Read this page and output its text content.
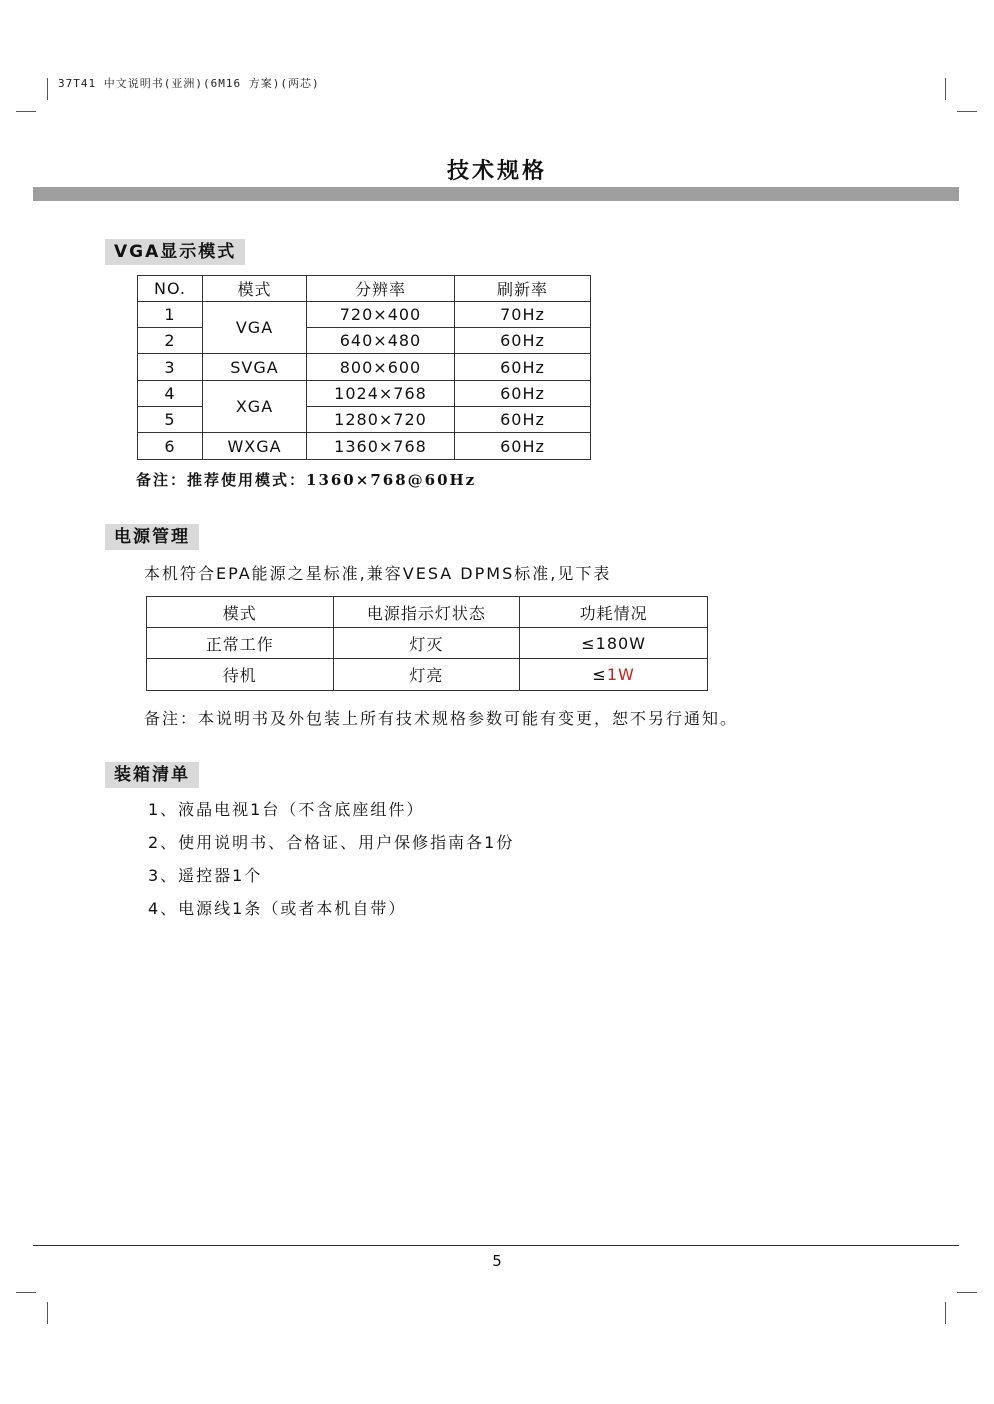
37T41 中文说明书(亚洲)(6M16 方案)(两芯)
技术规格
VGA显示模式
NO.	模式	分辨率	刷新率
1	VGA	720×400	70Hz
2		640×480	60Hz
3	SVGA	800×600	60Hz
4	XGA	1024×768	60Hz
5		1280×720	60Hz
6	WXGA	1360×768	60Hz
备注：推荐使用模式：1360×768@60Hz
电源管理
本机符合EPA能源之星标准,兼容VESA DPMS标准,见下表
模式	电源指示灯状态	功耗情况
正常工作	灯灭	≤180W
待机	灯亮	≤1W
备注：本说明书及外包装上所有技术规格参数可能有变更，恕不另行通知。
装箱清单
1、液晶电视1台（不含底座组件）
2、使用说明书、合格证、用户保修指南各1份
3、遥控器1个
4、电源线1条（或者本机自带）
5
